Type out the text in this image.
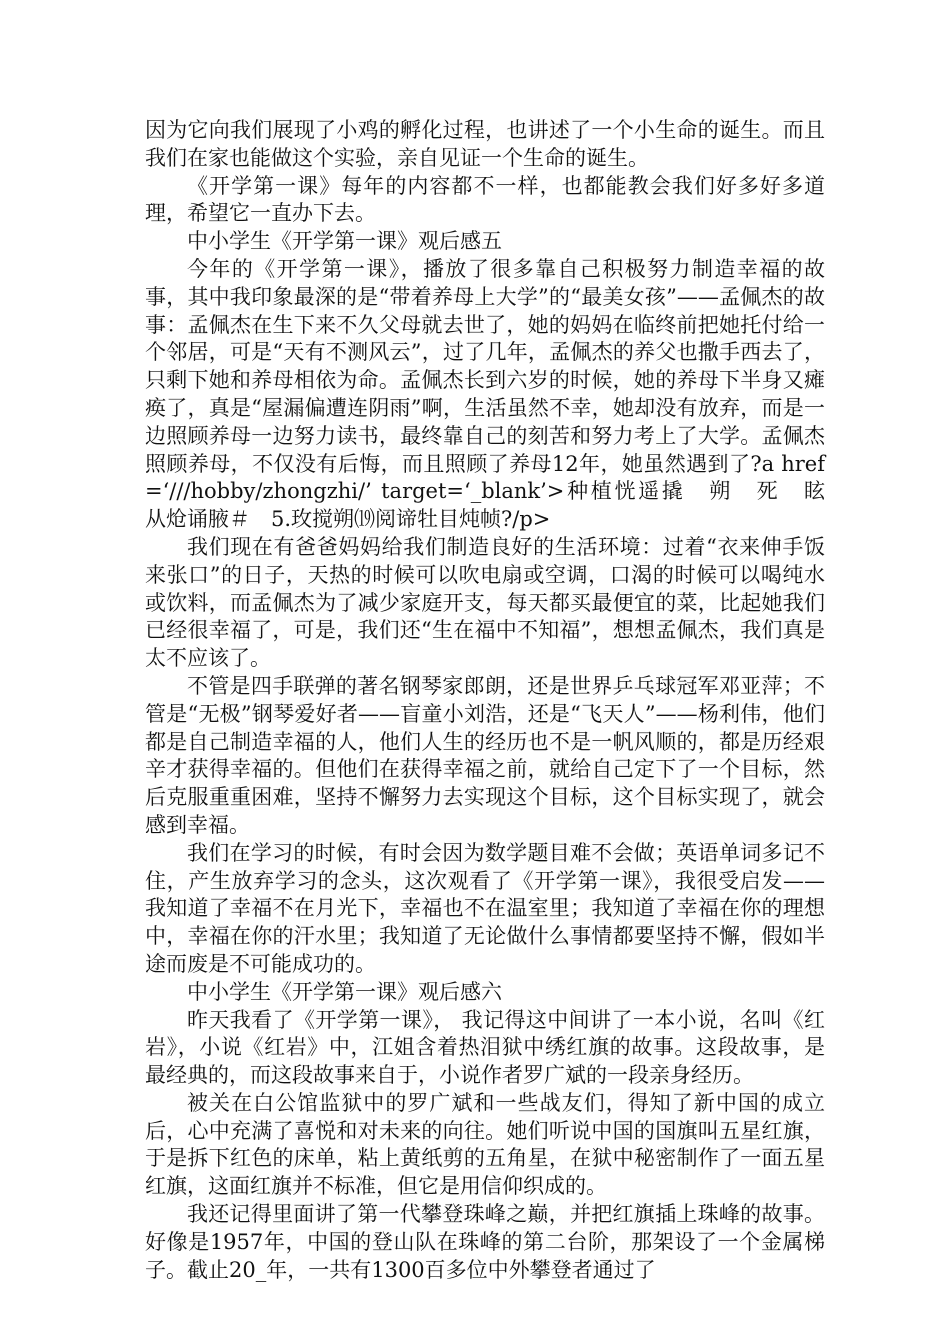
因为它向我们展现了小鸡的孵化过程，也讲述了一个小生命的诞生。而且我们在家也能做这个实验，亲自见证一个生命的诞生。

《开学第一课》每年的内容都不一样，也都能教会我们好多好多道理，希望它一直办下去。

中小学生《开学第一课》观后感五

今年的《开学第一课》，播放了很多靠自己积极努力制造幸福的故事，其中我印象最深的是“带着养母上大学”的“最美女孩”——孟佩杰的故事：孟佩杰在生下来不久父母就去世了，她的妈妈在临终前把她托付给一个邻居，可是“天有不测风云”，过了几年，孟佩杰的养父也撒手西去了，只剩下她和养母相依为命。孟佩杰长到六岁的时候，她的养母下半身又瘫痪了，真是“屋漏偏遭连阴雨”啊，生活虽然不幸，她却没有放弃，而是一边照顾养母一边努力读书，最终靠自己的刻苦和努力考上了大学。孟佩杰照顾养母，不仅没有后悔，而且照顾了养母12年，她虽然遇到了?a href=‘///hobby/zhongzhi/’ target=‘_blank’>种植恍遥撬　朔　死　眩　从炝诵腋＃　5.玫搅朔⒆阅谛牡目炖帧?/p>

我们现在有爸爸妈妈给我们制造良好的生活环境：过着“衣来伸手饭来张口”的日子，天热的时候可以吹电扇或空调，口渴的时候可以喝纯水或饮料，而孟佩杰为了减少家庭开支，每天都买最便宜的菜，比起她我们已经很幸福了，可是，我们还“生在福中不知福”，想想孟佩杰，我们真是太不应该了。

不管是四手联弹的著名钢琴家郎朗，还是世界乒乓球冠军邓亚萍；不管是“无极”钢琴爱好者——盲童小刘浩，还是“飞天人”——杨利伟，他们都是自己制造幸福的人，他们人生的经历也不是一帆风顺的，都是历经艰辛才获得幸福的。但他们在获得幸福之前，就给自己定下了一个目标，然后克服重重困难，坚持不懈努力去实现这个目标，这个目标实现了，就会感到幸福。

我们在学习的时候，有时会因为数学题目难不会做；英语单词多记不住，产生放弃学习的念头，这次观看了《开学第一课》，我很受启发——我知道了幸福不在月光下，幸福也不在温室里；我知道了幸福在你的理想中，幸福在你的汗水里；我知道了无论做什么事情都要坚持不懈，假如半途而废是不可能成功的。

中小学生《开学第一课》观后感六

昨天我看了《开学第一课》， 我记得这中间讲了一本小说，名叫《红岩》，小说《红岩》中，江姐含着热泪狱中绣红旗的故事。这段故事，是最经典的，而这段故事来自于，小说作者罗广斌的一段亲身经历。

被关在白公馆监狱中的罗广斌和一些战友们，得知了新中国的成立后，心中充满了喜悦和对未来的向往。她们听说中国的国旗叫五星红旗，于是拆下红色的床单，粘上黄纸剪的五角星，在狱中秘密制作了一面五星红旗，这面红旗并不标准，但它是用信仰织成的。

我还记得里面讲了第一代攀登珠峰之巅，并把红旗插上珠峰的故事。好像是1957年，中国的登山队在珠峰的第二台阶，那架设了一个金属梯子。截止20_年，一共有1300百多位中外攀登者通过了
